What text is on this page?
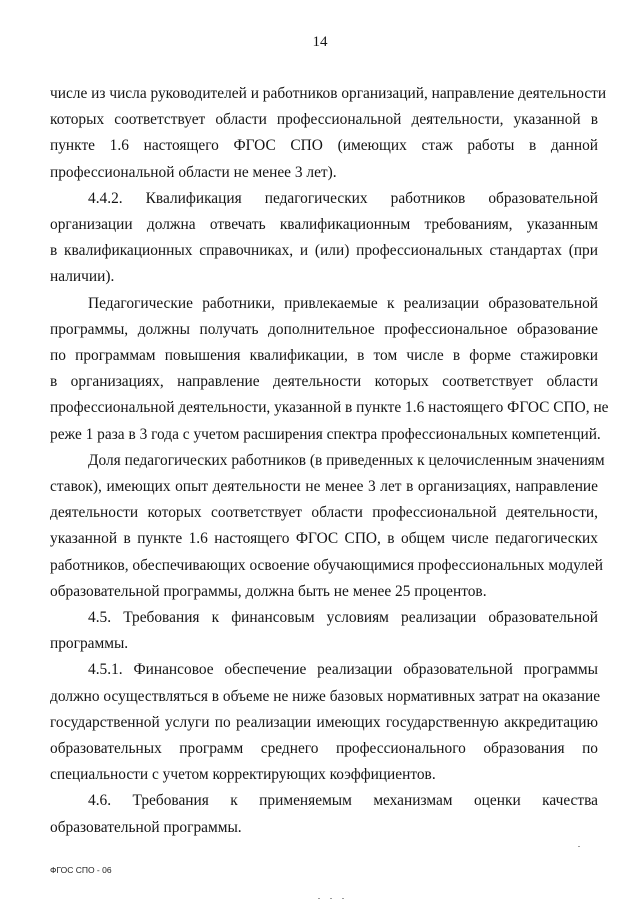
14

числе из числа руководителей и работников организаций, направление деятельности
которых соответствует области профессиональной деятельности, указанной в
пункте 1.6 настоящего ФГОС СПО (имеющих стаж работы в данной
профессиональной области не менее 3 лет).

4.4.2. Квалификация педагогических работников образовательной
организации должна отвечать квалификационным требованиям, указанным
в квалификационных справочниках, и (или) профессиональных стандартах (при
наличии).

Педагогические работники, привлекаемые к реализации образовательной
программы, должны получать дополнительное профессиональное образование
по программам повышения квалификации, в том числе в форме стажировки
в организациях, направление деятельности которых соответствует области
профессиональной деятельности, указанной в пункте 1.6 настоящего ФГОС СПО, не
реже 1 раза в 3 года с учетом расширения спектра профессиональных компетенций.

Доля педагогических работников (в приведенных к целочисленным значениям
ставок), имеющих опыт деятельности не менее 3 лет в организациях, направление
деятельности которых соответствует области профессиональной деятельности,
указанной в пункте 1.6 настоящего ФГОС СПО, в общем числе педагогических
работников, обеспечивающих освоение обучающимися профессиональных модулей
образовательной программы, должна быть не менее 25 процентов.

4.5. Требования к финансовым условиям реализации образовательной
программы.

4.5.1. Финансовое обеспечение реализации образовательной программы
должно осуществляться в объеме не ниже базовых нормативных затрат на оказание
государственной услуги по реализации имеющих государственную аккредитацию
образовательных программ среднего профессионального образования по
специальности с учетом корректирующих коэффициентов.

4.6. Требования к применяемым механизмам оценки качества
образовательной программы.

ФГОС СПО - 06
